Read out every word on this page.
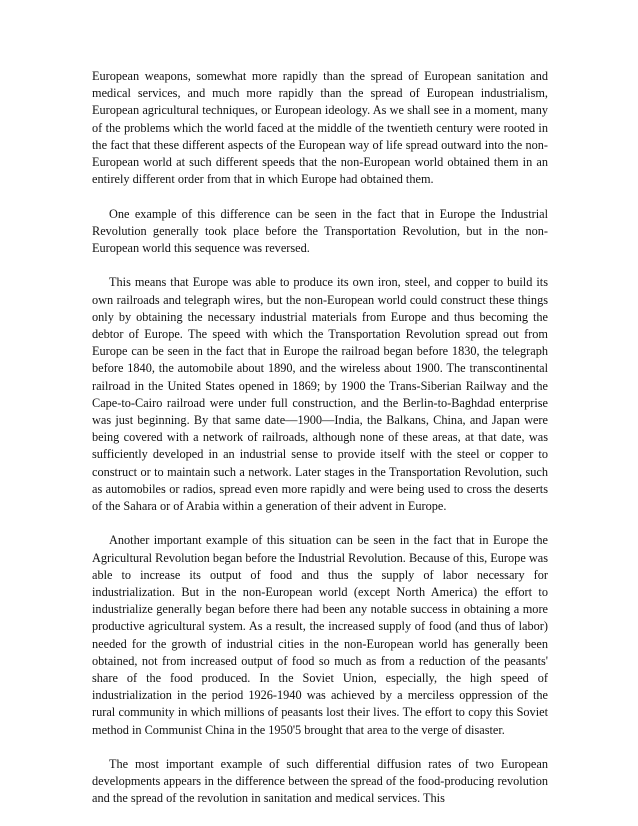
European weapons, somewhat more rapidly than the spread of European sanitation and medical services, and much more rapidly than the spread of European industrialism, European agricultural techniques, or European ideology. As we shall see in a moment, many of the problems which the world faced at the middle of the twentieth century were rooted in the fact that these different aspects of the European way of life spread outward into the non-European world at such different speeds that the non-European world obtained them in an entirely different order from that in which Europe had obtained them.

One example of this difference can be seen in the fact that in Europe the Industrial Revolution generally took place before the Transportation Revolution, but in the non-European world this sequence was reversed.

This means that Europe was able to produce its own iron, steel, and copper to build its own railroads and telegraph wires, but the non-European world could construct these things only by obtaining the necessary industrial materials from Europe and thus becoming the debtor of Europe. The speed with which the Transportation Revolution spread out from Europe can be seen in the fact that in Europe the railroad began before 1830, the telegraph before 1840, the automobile about 1890, and the wireless about 1900. The transcontinental railroad in the United States opened in 1869; by 1900 the Trans-Siberian Railway and the Cape-to-Cairo railroad were under full construction, and the Berlin-to-Baghdad enterprise was just beginning. By that same date—1900—India, the Balkans, China, and Japan were being covered with a network of railroads, although none of these areas, at that date, was sufficiently developed in an industrial sense to provide itself with the steel or copper to construct or to maintain such a network. Later stages in the Transportation Revolution, such as automobiles or radios, spread even more rapidly and were being used to cross the deserts of the Sahara or of Arabia within a generation of their advent in Europe.

Another important example of this situation can be seen in the fact that in Europe the Agricultural Revolution began before the Industrial Revolution. Because of this, Europe was able to increase its output of food and thus the supply of labor necessary for industrialization. But in the non-European world (except North America) the effort to industrialize generally began before there had been any notable success in obtaining a more productive agricultural system. As a result, the increased supply of food (and thus of labor) needed for the growth of industrial cities in the non-European world has generally been obtained, not from increased output of food so much as from a reduction of the peasants' share of the food produced. In the Soviet Union, especially, the high speed of industrialization in the period 1926-1940 was achieved by a merciless oppression of the rural community in which millions of peasants lost their lives. The effort to copy this Soviet method in Communist China in the 1950'5 brought that area to the verge of disaster.

The most important example of such differential diffusion rates of two European developments appears in the difference between the spread of the food-producing revolution and the spread of the revolution in sanitation and medical services. This
